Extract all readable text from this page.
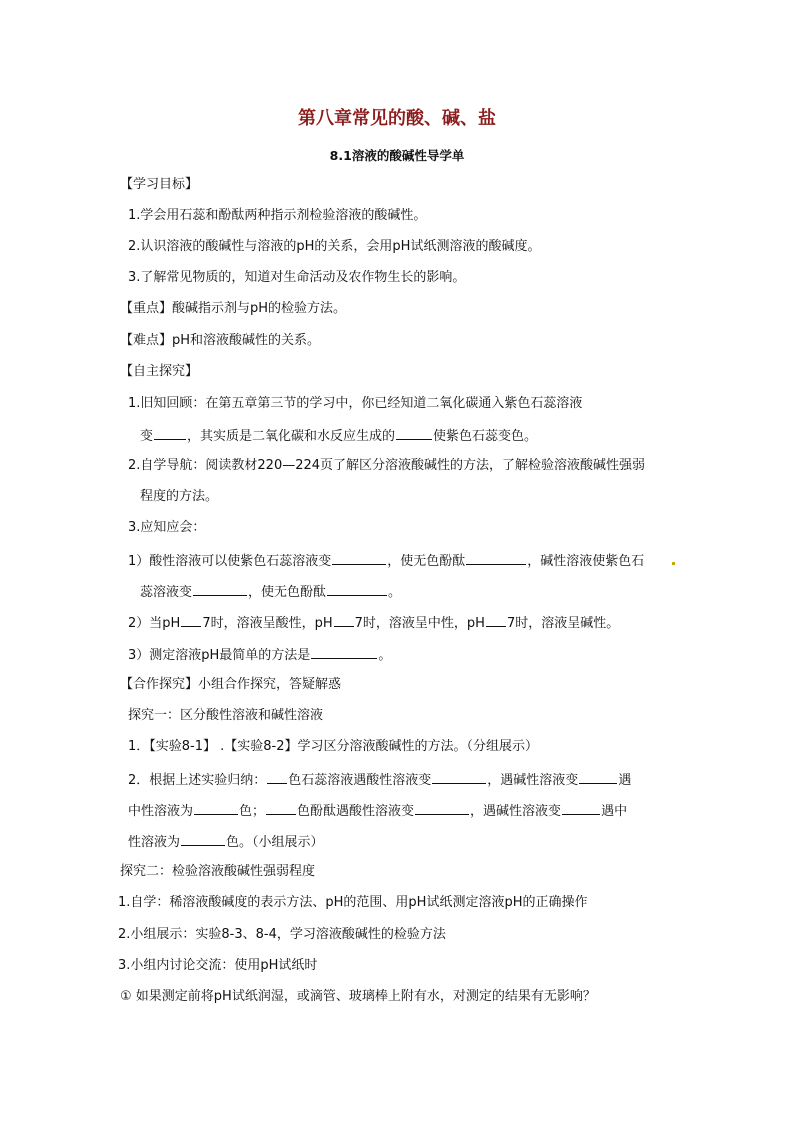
第八章常见的酸、碱、盐
8.1溶液的酸碱性导学单
【学习目标】
1.学会用石蕊和酚酞两种指示剂检验溶液的酸碱性。
2.认识溶液的酸碱性与溶液的pH的关系，会用pH试纸测溶液的酸碱度。
3.了解常见物质的，知道对生命活动及农作物生长的影响。
【重点】酸碱指示剂与pH的检验方法。
【难点】pH和溶液酸碱性的关系。
【自主探究】
1.旧知回顾：在第五章第三节的学习中，你已经知道二氧化碳通入紫色石蕊溶液
变	，其实质是二氧化碳和水反应生成的	使紫色石蕊变色。
2.自学导航：阅读教材220—224页了解区分溶液酸碱性的方法，了解检验溶液酸碱性强弱
程度的方法。
3.应知应会：
1）酸性溶液可以使紫色石蕊溶液变	，使无色酚酞	，碱性溶液使紫色石
蕊溶液变	，使无色酚酞	。
2）当pH 7时，溶液呈酸性，pH 7时，溶液呈中性，pH 7时，溶液呈碱性。
3）测定溶液pH最简单的方法是	。
【合作探究】小组合作探究，答疑解惑
探究一：区分酸性溶液和碱性溶液
1．【实验8-1】 .【实验8-2】学习区分溶液酸碱性的方法。（分组展示）
2．根据上述实验归纳： 色石蕊溶液遇酸性溶液变	，遇碱性溶液变	遇
中性溶液为	色； 色酚酞遇酸性溶液变	，遇碱性溶液变	遇中
性溶液为	色。（小组展示）
探究二：检验溶液酸碱性强弱程度
1.自学：稀溶液酸碱度的表示方法、pH的范围、用pH试纸测定溶液pH的正确操作
2.小组展示：实验8-3、8-4，学习溶液酸碱性的检验方法
3.小组内讨论交流：使用pH试纸时
① 如果测定前将pH试纸润湿，或滴管、玻璃棒上附有水，对测定的结果有无影响？
